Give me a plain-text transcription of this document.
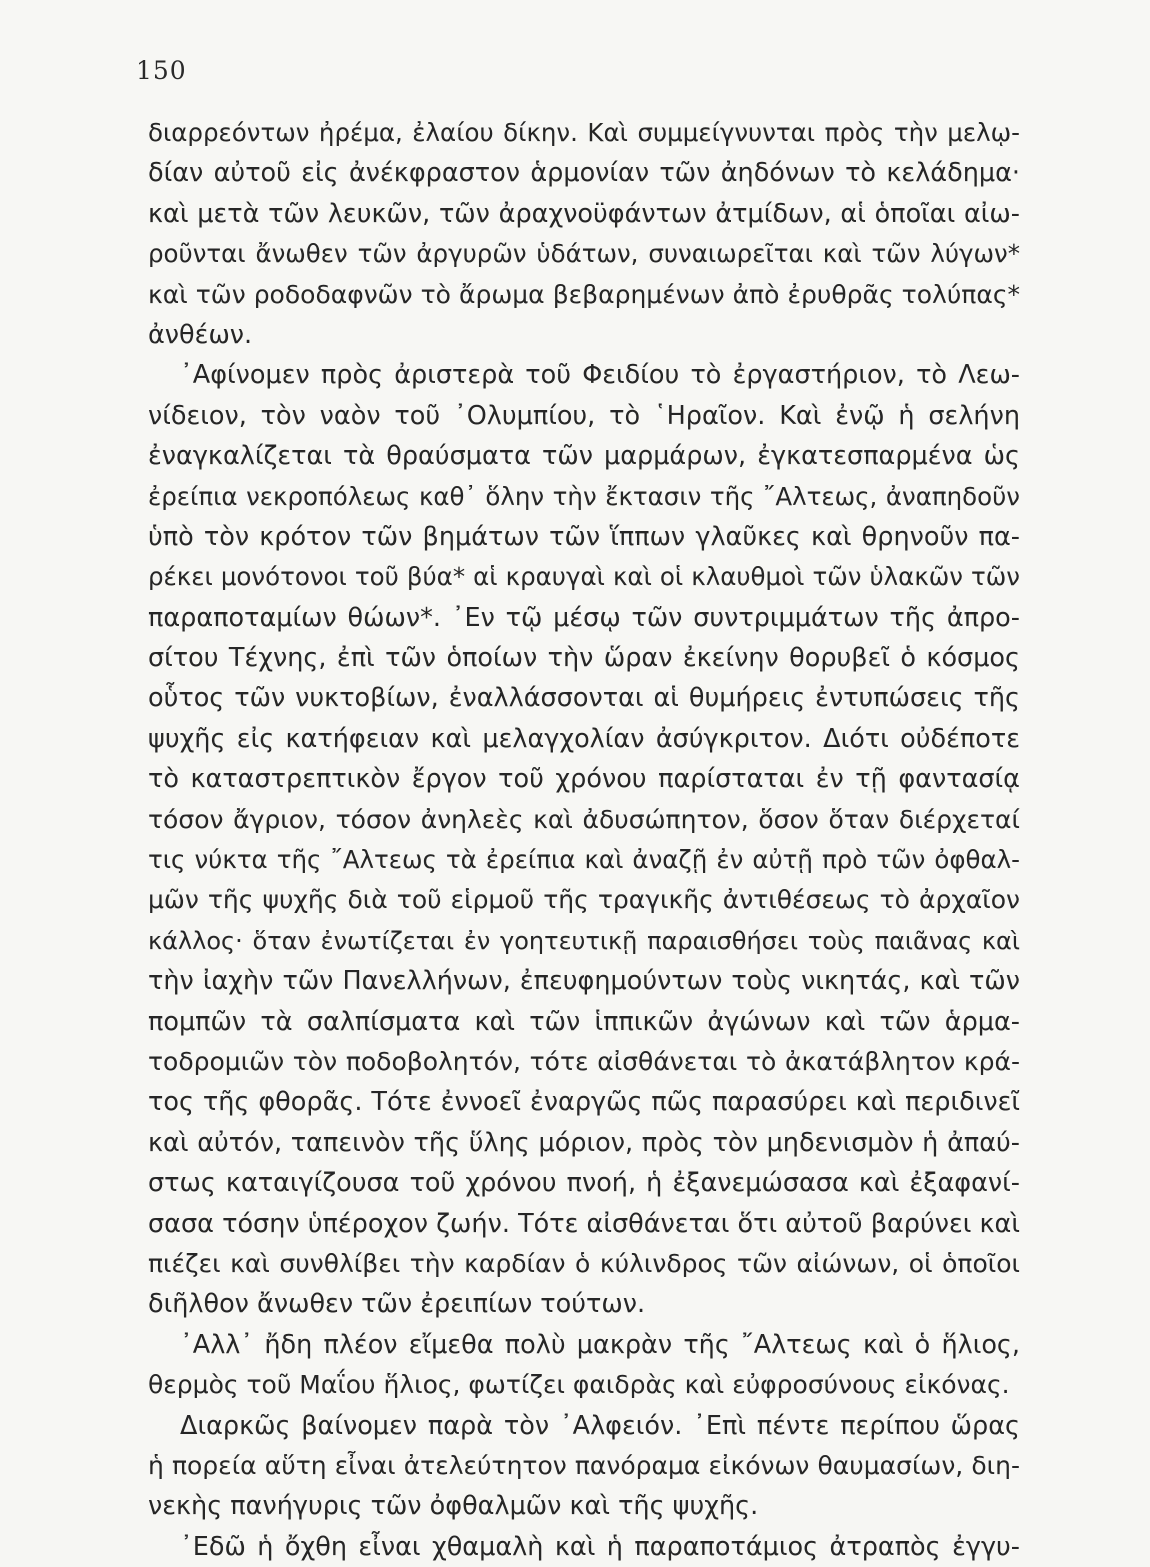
150
διαρρεόντων ἠρέμα, ἐλαίου δίκην. Καὶ συμμείγνυνται πρὸς τὴν μελῳ-
δίαν αὐτοῦ εἰς ἀνέκφραστον ἁρμονίαν τῶν ἀηδόνων τὸ κελάδημα·
καὶ μετὰ τῶν λευκῶν, τῶν ἀραχνοϋφάντων ἀτμίδων, αἱ ὁποῖαι αἰω-
ροῦνται ἄνωθεν τῶν ἀργυρῶν ὑδάτων, συναιωρεῖται καὶ τῶν λύγων*
καὶ τῶν ροδοδαφνῶν τὸ ἄρωμα βεβαρημένων ἀπὸ ἐρυθρᾶς τολύπας*
ἀνθέων.
᾿Αφίνομεν πρὸς ἀριστερὰ τοῦ Φειδίου τὸ ἐργαστήριον, τὸ Λεω-
νίδειον, τὸν ναὸν τοῦ ᾿Ολυμπίου, τὸ ῾Ηραῖον. Καὶ ἐνῷ ἡ σελήνη
ἐναγκαλίζεται τὰ θραύσματα τῶν μαρμάρων, ἐγκατεσπαρμένα ὡς
ἐρείπια νεκροπόλεως καθ᾿ ὅλην τὴν ἔκτασιν τῆς ῎Αλτεως, ἀναπηδοῦν
ὑπὸ τὸν κρότον τῶν βημάτων τῶν ἵππων γλαῦκες καὶ θρηνοῦν πα-
ρέκει μονότονοι τοῦ βύα* αἱ κραυγαὶ καὶ οἱ κλαυθμοὶ τῶν ὑλακῶν τῶν
παραποταμίων θώων*. ᾿Εν τῷ μέσῳ τῶν συντριμμάτων τῆς ἀπρο-
σίτου Τέχνης, ἐπὶ τῶν ὁποίων τὴν ὥραν ἐκείνην θορυβεῖ ὁ κόσμος
οὗτος τῶν νυκτοβίων, ἐναλλάσσονται αἱ θυμήρεις ἐντυπώσεις τῆς
ψυχῆς εἰς κατήφειαν καὶ μελαγχολίαν ἀσύγκριτον. Διότι οὐδέποτε
τὸ καταστρεπτικὸν ἔργον τοῦ χρόνου παρίσταται ἐν τῇ φαντασίᾳ
τόσον ἄγριον, τόσον ἀνηλεὲς καὶ ἀδυσώπητον, ὅσον ὅταν διέρχεταί
τις νύκτα τῆς ῎Αλτεως τὰ ἐρείπια καὶ ἀναζῇ ἐν αὐτῇ πρὸ τῶν ὀφθαλ-
μῶν τῆς ψυχῆς διὰ τοῦ εἱρμοῦ τῆς τραγικῆς ἀντιθέσεως τὸ ἀρχαῖον
κάλλος· ὅταν ἐνωτίζεται ἐν γοητευτικῇ παραισθήσει τοὺς παιᾶνας καὶ
τὴν ἰαχὴν τῶν Πανελλήνων, ἐπευφημούντων τοὺς νικητάς, καὶ τῶν
πομπῶν τὰ σαλπίσματα καὶ τῶν ἱππικῶν ἀγώνων καὶ τῶν ἁρμα-
τοδρομιῶν τὸν ποδοβολητόν, τότε αἰσθάνεται τὸ ἀκατάβλητον κρά-
τος τῆς φθορᾶς. Τότε ἐννοεῖ ἐναργῶς πῶς παρασύρει καὶ περιδινεῖ
καὶ αὐτόν, ταπεινὸν τῆς ὕλης μόριον, πρὸς τὸν μηδενισμὸν ἡ ἀπαύ-
στως καταιγίζουσα τοῦ χρόνου πνοή, ἡ ἐξανεμώσασα καὶ ἐξαφανί-
σασα τόσην ὑπέροχον ζωήν. Τότε αἰσθάνεται ὅτι αὐτοῦ βαρύνει καὶ
πιέζει καὶ συνθλίβει τὴν καρδίαν ὁ κύλινδρος τῶν αἰώνων, οἱ ὁποῖοι
διῆλθον ἄνωθεν τῶν ἐρειπίων τούτων.
᾿Αλλ᾿ ἤδη πλέον εἴμεθα πολὺ μακρὰν τῆς ῎Αλτεως καὶ ὁ ἥλιος,
θερμὸς τοῦ Μαΐου ἥλιος, φωτίζει φαιδρὰς καὶ εὐφροσύνους εἰκόνας.
Διαρκῶς βαίνομεν παρὰ τὸν ᾿Αλφειόν. ᾿Επὶ πέντε περίπου ὥρας
ἡ πορεία αὕτη εἶναι ἀτελεύτητον πανόραμα εἰκόνων θαυμασίων, διη-
νεκὴς πανήγυρις τῶν ὀφθαλμῶν καὶ τῆς ψυχῆς.
᾿Εδῶ ἡ ὄχθη εἶναι χθαμαλὴ καὶ ἡ παραποτάμιος ἀτραπὸς ἐγγυ-
